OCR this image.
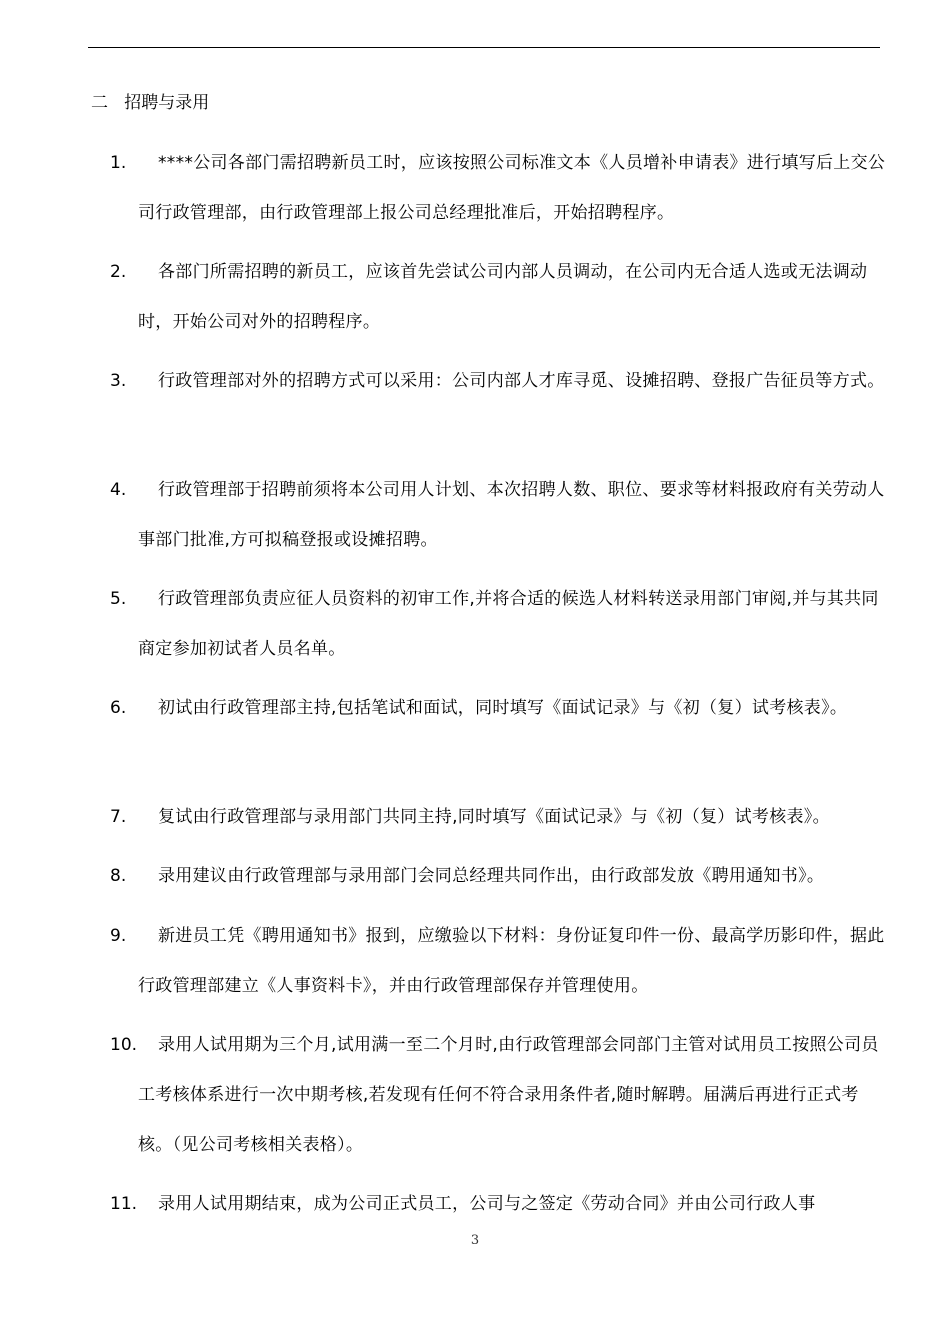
二   招聘与录用
1.	****公司各部门需招聘新员工时，应该按照公司标准文本《人员增补申请表》进行填写后上交公司行政管理部，由行政管理部上报公司总经理批准后，开始招聘程序。
2.	各部门所需招聘的新员工，应该首先尝试公司内部人员调动，在公司内无合适人选或无法调动时，开始公司对外的招聘程序。
3.	行政管理部对外的招聘方式可以采用：公司内部人才库寻觅、设摊招聘、登报广告征员等方式。
4.	行政管理部于招聘前须将本公司用人计划、本次招聘人数、职位、要求等材料报政府有关劳动人事部门批准,方可拟稿登报或设摊招聘。
5.	行政管理部负责应征人员资料的初审工作,并将合适的候选人材料转送录用部门审阅,并与其共同商定参加初试者人员名单。
6.	初试由行政管理部主持,包括笔试和面试，同时填写《面试记录》与《初（复）试考核表》。
7.	复试由行政管理部与录用部门共同主持,同时填写《面试记录》与《初（复）试考核表》。
8.	录用建议由行政管理部与录用部门会同总经理共同作出，由行政部发放《聘用通知书》。
9.	新进员工凭《聘用通知书》报到，应缴验以下材料：身份证复印件一份、最高学历影印件，据此行政管理部建立《人事资料卡》，并由行政管理部保存并管理使用。
10.	录用人试用期为三个月,试用满一至二个月时,由行政管理部会同部门主管对试用员工按照公司员工考核体系进行一次中期考核,若发现有任何不符合录用条件者,随时解聘。届满后再进行正式考核。（见公司考核相关表格）。
11.	录用人试用期结束，成为公司正式员工，公司与之签定《劳动合同》并由公司行政人事
3
